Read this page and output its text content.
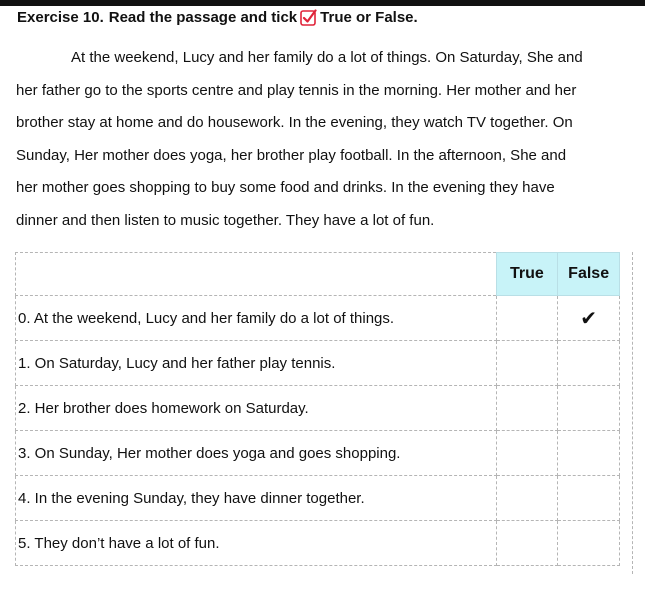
Exercise 10. Read the passage and tick True or False.
At the weekend, Lucy and her family do a lot of things. On Saturday, She and
her father go to the sports centre and play tennis in the morning. Her mother and her
brother stay at home and do housework. In the evening, they watch TV together. On
Sunday, Her mother does yoga, her brother play football. In the afternoon, She and
her mother goes shopping to buy some food and drinks. In the evening they have
dinner and then listen to music together. They have a lot of fun.
	True	False
0. At the weekend, Lucy and her family do a lot of things.		✔
1. On Saturday, Lucy and her father play tennis.		
2. Her brother does homework on Saturday.		
3. On Sunday, Her mother does yoga and goes shopping.		
4. In the evening Sunday, they have dinner together.		
5. They don’t have a lot of fun.		
